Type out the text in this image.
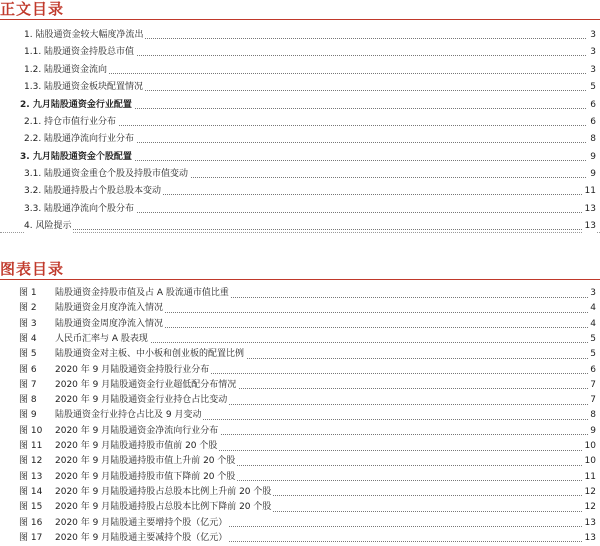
正文目录
1. 陆股通资金较大幅度净流出	3
1.1. 陆股通资金持股总市值	3
1.2. 陆股通资金流向	3
1.3. 陆股通资金板块配置情况	5
2. 九月陆股通资金行业配置	6
2.1. 持仓市值行业分布	6
2.2. 陆股通净流向行业分布	8
3. 九月陆股通资金个股配置	9
3.1. 陆股通资金重仓个股及持股市值变动	9
3.2. 陆股通持股占个股总股本变动	11
3.3. 陆股通净流向个股分布	13
4. 风险提示	13
图表目录
图 1 陆股通资金持股市值及占 A 股流通市值比重	3
图 2 陆股通资金月度净流入情况	4
图 3 陆股通资金周度净流入情况	4
图 4 人民币汇率与 A 股表现	5
图 5 陆股通资金对主板、中小板和创业板的配置比例	5
图 6 2020 年 9 月陆股通资金持股行业分布	6
图 7 2020 年 9 月陆股通资金行业超低配分布情况	7
图 8 2020 年 9 月陆股通资金行业持仓占比变动	7
图 9 陆股通资金行业持仓占比及 9 月变动	8
图 10 2020 年 9 月陆股通资金净流向行业分布	9
图 11 2020 年 9 月陆股通持股市值前 20 个股	10
图 12 2020 年 9 月陆股通持股市值上升前 20 个股	10
图 13 2020 年 9 月陆股通持股市值下降前 20 个股	11
图 14 2020 年 9 月陆股通持股占总股本比例上升前 20 个股	12
图 15 2020 年 9 月陆股通持股占总股本比例下降前 20 个股	12
图 16 2020 年 9 月陆股通主要增持个股（亿元）	13
图 17 2020 年 9 月陆股通主要减持个股（亿元）	13
